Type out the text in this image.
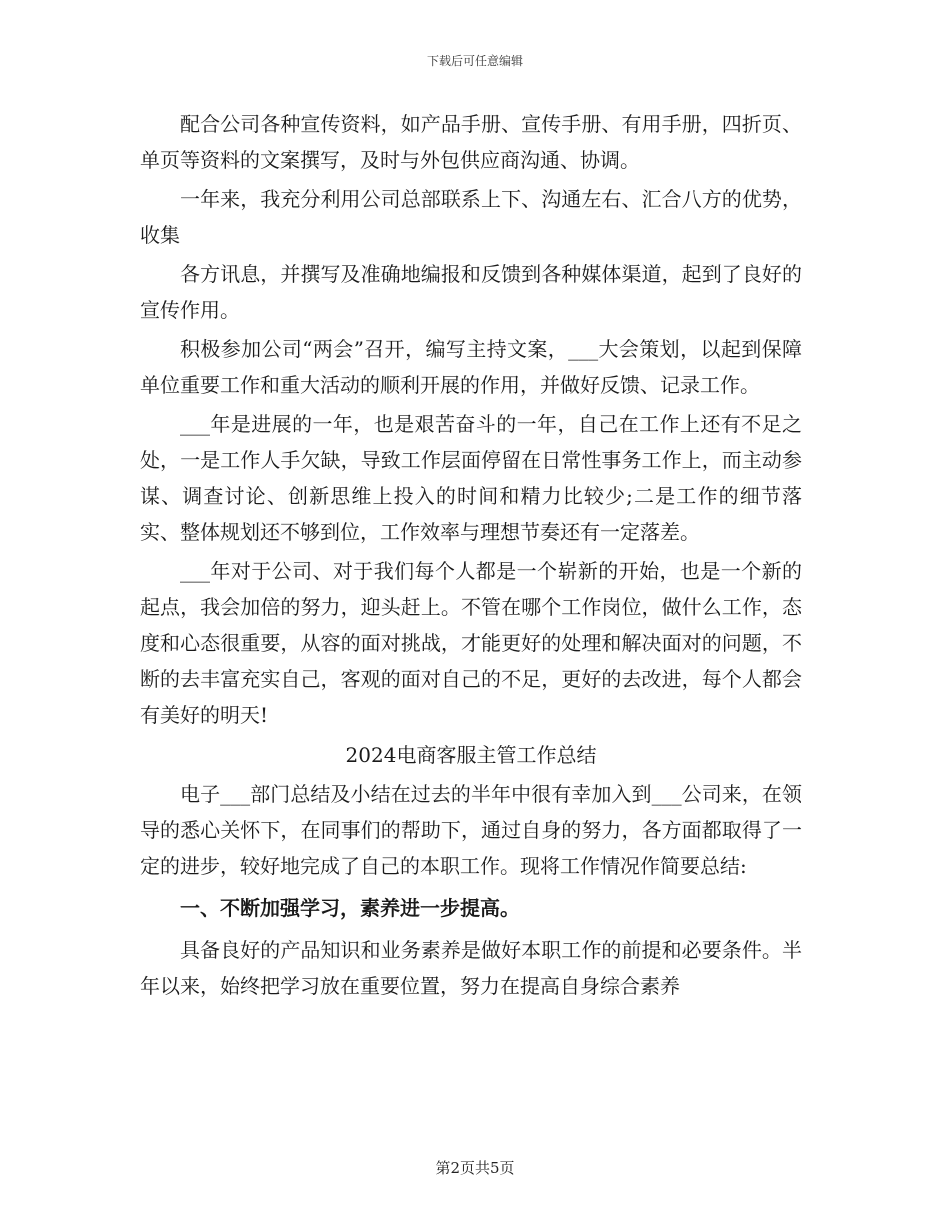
下载后可任意编辑

配合公司各种宣传资料，如产品手册、宣传手册、有用手册，四折页、单页等资料的文案撰写，及时与外包供应商沟通、协调。

一年来，我充分利用公司总部联系上下、沟通左右、汇合八方的优势，收集

各方讯息，并撰写及准确地编报和反馈到各种媒体渠道，起到了良好的宣传作用。

积极参加公司“两会”召开，编写主持文案，___大会策划，以起到保障单位重要工作和重大活动的顺利开展的作用，并做好反馈、记录工作。

___年是进展的一年，也是艰苦奋斗的一年，自己在工作上还有不足之处，一是工作人手欠缺，导致工作层面停留在日常性事务工作上，而主动参谋、调查讨论、创新思维上投入的时间和精力比较少;二是工作的细节落实、整体规划还不够到位，工作效率与理想节奏还有一定落差。

___年对于公司、对于我们每个人都是一个崭新的开始，也是一个新的起点，我会加倍的努力，迎头赶上。不管在哪个工作岗位，做什么工作，态度和心态很重要，从容的面对挑战，才能更好的处理和解决面对的问题，不断的去丰富充实自己，客观的面对自己的不足，更好的去改进，每个人都会有美好的明天!

2024电商客服主管工作总结

电子___部门总结及小结在过去的半年中很有幸加入到___公司来，在领导的悉心关怀下，在同事们的帮助下，通过自身的努力，各方面都取得了一定的进步，较好地完成了自己的本职工作。现将工作情况作简要总结:

一、不断加强学习，素养进一步提高。

具备良好的产品知识和业务素养是做好本职工作的前提和必要条件。半年以来，始终把学习放在重要位置，努力在提高自身综合素养

第2页共5页
